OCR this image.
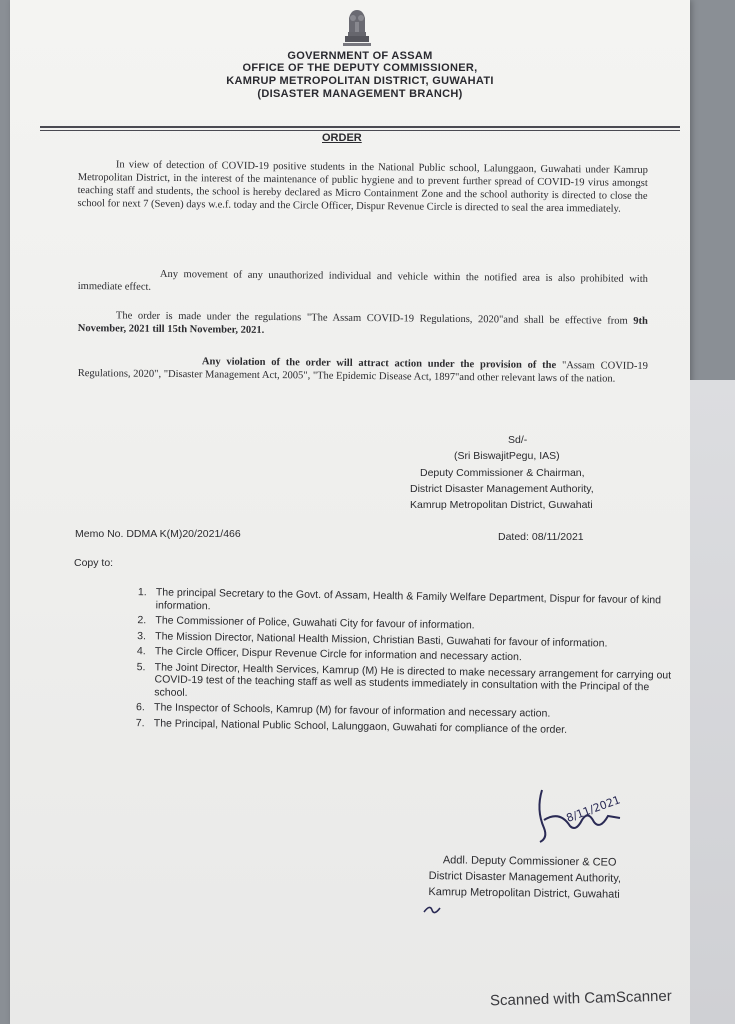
GOVERNMENT OF ASSAM
OFFICE OF THE DEPUTY COMMISSIONER,
KAMRUP METROPOLITAN DISTRICT, GUWAHATI
(DISASTER MANAGEMENT BRANCH)
ORDER
In view of detection of COVID-19 positive students in the National Public school, Lalunggaon, Guwahati under Kamrup Metropolitan District, in the interest of the maintenance of public hygiene and to prevent further spread of COVID-19 virus amongst teaching staff and students, the school is hereby declared as Micro Containment Zone and the school authority is directed to close the school for next 7 (Seven) days w.e.f. today and the Circle Officer, Dispur Revenue Circle is directed to seal the area immediately.
Any movement of any unauthorized individual and vehicle within the notified area is also prohibited with immediate effect.
The order is made under the regulations "The Assam COVID-19 Regulations, 2020"and shall be effective from 9th November, 2021 till 15th November, 2021.
Any violation of the order will attract action under the provision of the "Assam COVID-19 Regulations, 2020", "Disaster Management Act, 2005", "The Epidemic Disease Act, 1897"and other relevant laws of the nation.
Sd/-
(Sri BiswajitPegu, IAS)
Deputy Commissioner & Chairman,
District Disaster Management Authority,
Kamrup Metropolitan District, Guwahati
Memo No. DDMA K(M)20/2021/466	Dated: 08/11/2021
Copy to:
1. The principal Secretary to the Govt. of Assam, Health & Family Welfare Department, Dispur for favour of kind information.
2. The Commissioner of Police, Guwahati City for favour of information.
3. The Mission Director, National Health Mission, Christian Basti, Guwahati for favour of information.
4. The Circle Officer, Dispur Revenue Circle for information and necessary action.
5. The Joint Director, Health Services, Kamrup (M) He is directed to make necessary arrangement for carrying out COVID-19 test of the teaching staff as well as students immediately in consultation with the Principal of the school.
6. The Inspector of Schools, Kamrup (M) for favour of information and necessary action.
7. The Principal, National Public School, Lalunggaon, Guwahati for compliance of the order.
8/11/2021
Addl. Deputy Commissioner & CEO
District Disaster Management Authority,
Kamrup Metropolitan District, Guwahati
Scanned with CamScanner
